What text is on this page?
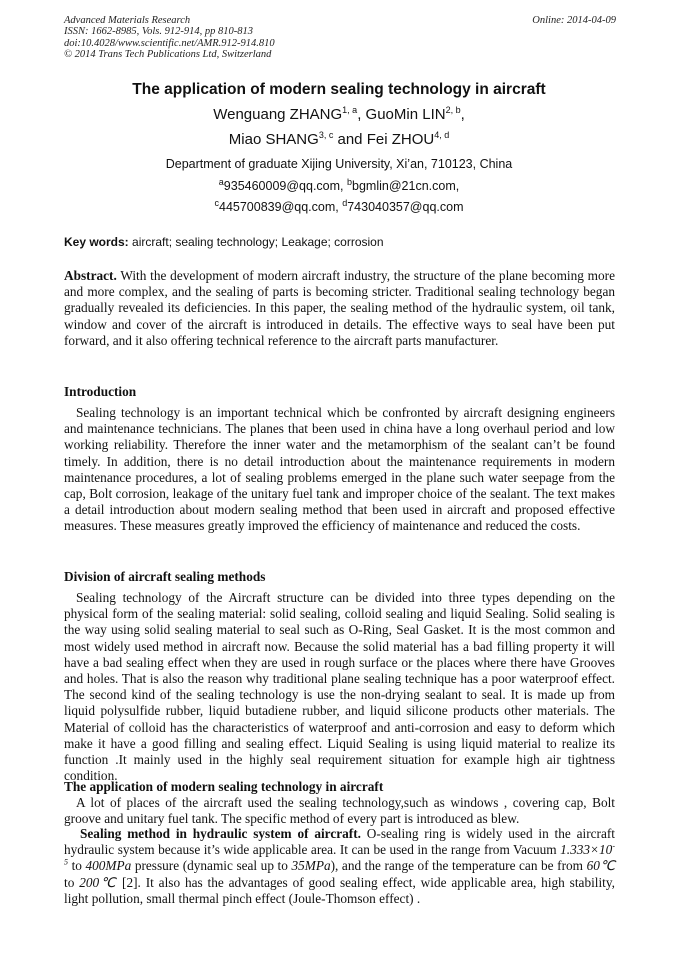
Advanced Materials Research
ISSN: 1662-8985, Vols. 912-914, pp 810-813
doi:10.4028/www.scientific.net/AMR.912-914.810
© 2014 Trans Tech Publications Ltd, Switzerland
Online: 2014-04-09
The application of modern sealing technology in aircraft
Wenguang ZHANG$^{1, a}$, GuoMin LIN$^{2, b}$,
Miao SHANG$^{3, c}$ and Fei ZHOU$^{4, d}$
Department of graduate Xijing University, Xi’an, 710123, China
$^a$935460009@qq.com, $^b$bgmlin@21cn.com,
$^c$445700839@qq.com, $^d$743040357@qq.com
Key words: aircraft; sealing technology; Leakage; corrosion
Abstract. With the development of modern aircraft industry, the structure of the plane becoming more and more complex, and the sealing of parts is becoming stricter. Traditional sealing technology began gradually revealed its deficiencies. In this paper, the sealing method of the hydraulic system, oil tank, window and cover of the aircraft is introduced in details. The effective ways to seal have been put forward, and it also offering technical reference to the aircraft parts manufacturer.
Introduction
Sealing technology is an important technical which be confronted by aircraft designing engineers and maintenance technicians. The planes that been used in china have a long overhaul period and low working reliability. Therefore the inner water and the metamorphism of the sealant can’t be found timely. In addition, there is no detail introduction about the maintenance requirements in modern maintenance procedures, a lot of sealing problems emerged in the plane such water seepage from the cap, Bolt corrosion, leakage of the unitary fuel tank and improper choice of the sealant. The text makes a detail introduction about modern sealing method that been used in aircraft and proposed effective measures. These measures greatly improved the efficiency of maintenance and reduced the costs.
Division of aircraft sealing methods
Sealing technology of the Aircraft structure can be divided into three types depending on the physical form of the sealing material: solid sealing, colloid sealing and liquid Sealing. Solid sealing is the way using solid sealing material to seal such as O-Ring, Seal Gasket. It is the most common and most widely used method in aircraft now. Because the solid material has a bad filling property it will have a bad sealing effect when they are used in rough surface or the places where there have Grooves and holes. That is also the reason why traditional plane sealing technique has a poor waterproof effect. The second kind of the sealing technology is use the non-drying sealant to seal. It is made up from liquid polysulfide rubber, liquid butadiene rubber, and liquid silicone products other materials. The Material of colloid has the characteristics of waterproof and anti-corrosion and easy to deform which make it have a good filling and sealing effect. Liquid Sealing is using liquid material to realize its function .It mainly used in the highly seal requirement situation for example high air tightness condition.
The application of modern sealing technology in aircraft
A lot of places of the aircraft used the sealing technology,such as windows , covering cap, Bolt groove and unitary fuel tank. The specific method of every part is introduced as blew.
Sealing method in hydraulic system of aircraft. O-sealing ring is widely used in the aircraft hydraulic system because it’s wide applicable area. It can be used in the range from Vacuum $1.333\times 10^{-5}$ to 400MPa pressure (dynamic seal up to 35MPa), and the range of the temperature can be from 60℃ to 200℃ [2]. It also has the advantages of good sealing effect, wide applicable area, high stability, light pollution, small thermal pinch effect (Joule-Thomson effect) .
